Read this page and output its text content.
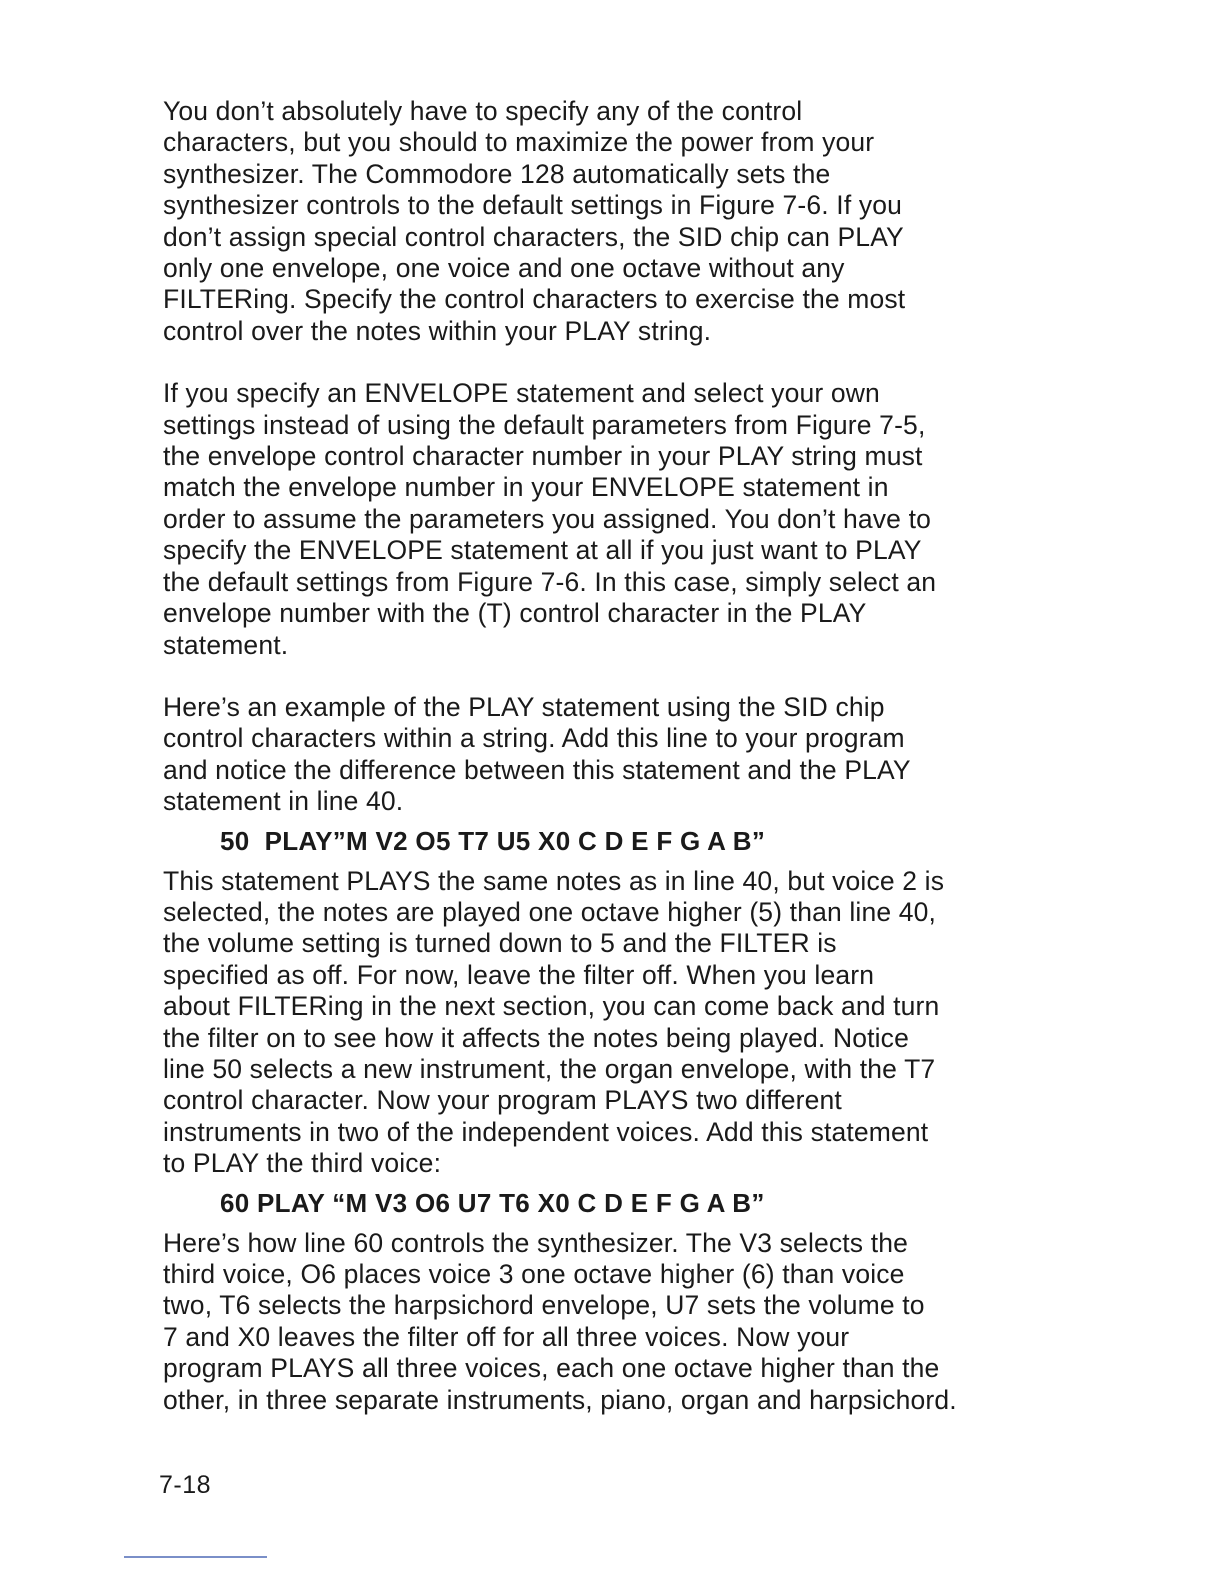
You don’t absolutely have to specify any of the control
characters, but you should to maximize the power from your
synthesizer. The Commodore 128 automatically sets the
synthesizer controls to the default settings in Figure 7-6. If you
don’t assign special control characters, the SID chip can PLAY
only one envelope, one voice and one octave without any
FILTERing. Specify the control characters to exercise the most
control over the notes within your PLAY string.

If you specify an ENVELOPE statement and select your own
settings instead of using the default parameters from Figure 7-5,
the envelope control character number in your PLAY string must
match the envelope number in your ENVELOPE statement in
order to assume the parameters you assigned. You don’t have to
specify the ENVELOPE statement at all if you just want to PLAY
the default settings from Figure 7-6. In this case, simply select an
envelope number with the (T) control character in the PLAY
statement.

Here’s an example of the PLAY statement using the SID chip
control characters within a string. Add this line to your program
and notice the difference between this statement and the PLAY
statement in line 40.

50  PLAY”M V2 O5 T7 U5 X0 C D E F G A B”

This statement PLAYS the same notes as in line 40, but voice 2 is
selected, the notes are played one octave higher (5) than line 40,
the volume setting is turned down to 5 and the FILTER is
specified as off. For now, leave the filter off. When you learn
about FILTERing in the next section, you can come back and turn
the filter on to see how it affects the notes being played. Notice
line 50 selects a new instrument, the organ envelope, with the T7
control character. Now your program PLAYS two different
instruments in two of the independent voices. Add this statement
to PLAY the third voice:

60 PLAY “M V3 O6 U7 T6 X0 C D E F G A B”

Here’s how line 60 controls the synthesizer. The V3 selects the
third voice, O6 places voice 3 one octave higher (6) than voice
two, T6 selects the harpsichord envelope, U7 sets the volume to
7 and X0 leaves the filter off for all three voices. Now your
program PLAYS all three voices, each one octave higher than the
other, in three separate instruments, piano, organ and harpsichord.

7-18
